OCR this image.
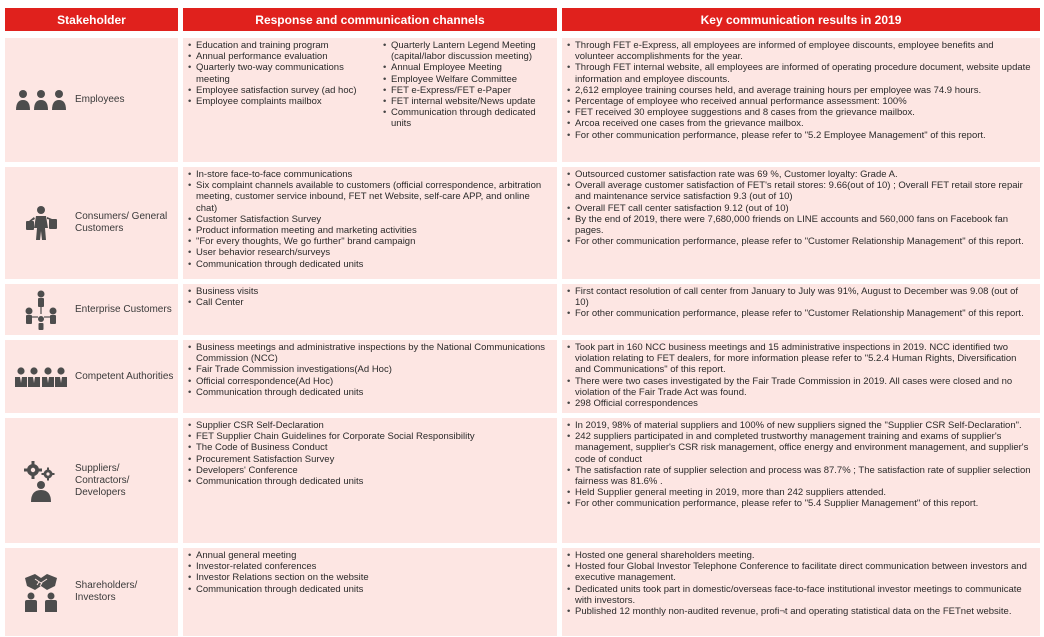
Stakeholder	Response and communication channels	Key communication results in 2019
Employees
• Education and training program
• Annual performance evaluation
• Quarterly two-way communications meeting
• Employee satisfaction survey (ad hoc)
• Employee complaints mailbox
• Quarterly Lantern Legend Meeting (capital/labor discussion meeting)
• Annual Employee Meeting
• Employee Welfare Committee
• FET e-Express/FET e-Paper
• FET internal website/News update
• Communication through dedicated units
• Through FET e-Express, all employees are informed of employee discounts, employee benefits and volunteer accomplishments for the year.
• Through FET internal website, all employees are informed of operating procedure document, website update information and employee discounts.
• 2,612 employee training courses held, and average training hours per employee was 74.9 hours.
• Percentage of employee who received annual performance assessment: 100%
• FET received 30 employee suggestions and 8 cases from the grievance mailbox.
• Arcoa received one cases from the grievance mailbox.
• For other communication performance, please refer to "5.2 Employee Management" of this report.
Consumers/ General Customers
• In-store face-to-face communications
• Six complaint channels available to customers (official correspondence, arbitration meeting, customer service inbound, FET net Website, self-care APP, and online chat)
• Customer Satisfaction Survey
• Product information meeting and marketing activities
• "For every thoughts, We go further" brand campaign
• User behavior research/surveys
• Communication through dedicated units
• Outsourced customer satisfaction rate was 69 %, Customer loyalty: Grade A.
• Overall average customer satisfaction of FET's retail stores: 9.66(out of 10) ; Overall FET retail store repair and maintenance service satisfaction 9.3 (out of 10)
• Overall FET call center satisfaction 9.12 (out of 10)
• By the end of 2019, there were 7,680,000 friends on LINE accounts and 560,000 fans on Facebook fan pages.
• For other communication performance, please refer to "Customer Relationship Management" of this report.
Enterprise Customers
• Business visits
• Call Center
• First contact resolution of call center from January to July was 91%, August to December was 9.08 (out of 10)
• For other communication performance, please refer to "Customer Relationship Management" of this report.
Competent Authorities
• Business meetings and administrative inspections by the National Communications Commission (NCC)
• Fair Trade Commission investigations(Ad Hoc)
• Official correspondence(Ad Hoc)
• Communication through dedicated units
• Took part in 160 NCC business meetings and 15 administrative inspections in 2019. NCC identified two violation relating to FET dealers, for more information please refer to "5.2.4 Human Rights, Diversification and Communications" of this report.
• There were two cases investigated by the Fair Trade Commission in 2019. All cases were closed and no violation of the Fair Trade Act was found.
• 298 Official correspondences
Suppliers/ Contractors/ Developers
• Supplier CSR Self-Declaration
• FET Supplier Chain Guidelines for Corporate Social Responsibility
• The Code of Business Conduct
• Procurement Satisfaction Survey
• Developers' Conference
• Communication through dedicated units
• In 2019, 98% of material suppliers and 100% of new suppliers signed the "Supplier CSR Self-Declaration".
• 242 suppliers participated in and completed trustworthy management training and exams of supplier's management, supplier's CSR risk management, office energy and environment management, and supplier's code of conduct
• The satisfaction rate of supplier selection and process was 87.7% ; The satisfaction rate of supplier selection fairness was 81.6% .
• Held Supplier general meeting in 2019, more than 242 suppliers attended.
• For other communication performance, please refer to "5.4 Supplier Management" of this report.
Shareholders/ Investors
• Annual general meeting
• Investor-related conferences
• Investor Relations section on the website
• Communication through dedicated units
• Hosted one general shareholders meeting.
• Hosted four Global Investor Telephone Conference to facilitate direct communication between investors and executive management.
• Dedicated units took part in domestic/overseas face-to-face institutional investor meetings to communicate with investors.
• Published 12 monthly non-audited revenue, profi¬t and operating statistical data on the FETnet website.
